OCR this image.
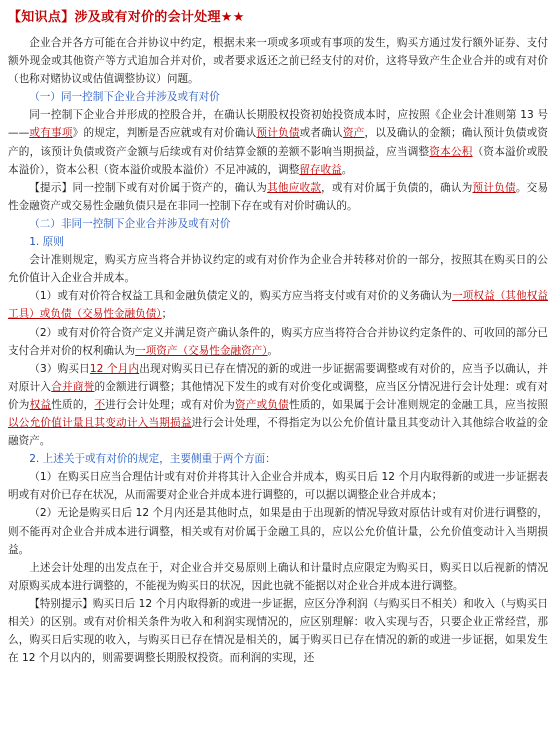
【知识点】涉及或有对价的会计处理★★

企业合并各方可能在合并协议中约定，根据未来一项或多项或有事项的发生，购买方通过发行额外证券、支付额外现金或其他资产等方式追加合并对价，或者要求返还之前已经支付的对价，这将导致产生企业合并的或有对价（也称对赌协议或估值调整协议）问题。

（一）同一控制下企业合并涉及或有对价

同一控制下企业合并形成的控股合并，在确认长期股权投资初始投资成本时，应按照《企业会计准则第 13 号——或有事项》的规定，判断是否应就或有对价确认预计负债或者确认资产，以及确认的金额；确认预计负债或资产的，该预计负债或资产金额与后续或有对价结算金额的差额不影响当期损益，应当调整资本公积（资本溢价或股本溢价），资本公积（资本溢价或股本溢价）不足冲减的，调整留存收益。

【提示】同一控制下或有对价属于资产的，确认为其他应收款，或有对价属于负债的，确认为预计负债。交易性金融资产或交易性金融负债只是在非同一控制下存在或有对价时确认的。

（二）非同一控制下企业合并涉及或有对价
1. 原则

会计准则规定，购买方应当将合并协议约定的或有对价作为企业合并转移对价的一部分，按照其在购买日的公允价值计入企业合并成本。

（1）或有对价符合权益工具和金融负债定义的，购买方应当将支付或有对价的义务确认为一项权益（其他权益工具）或负债（交易性金融负债）；

（2）或有对价符合资产定义并满足资产确认条件的，购买方应当将符合合并协议约定条件的、可收回的部分已支付合并对价的权利确认为一项资产（交易性金融资产）。

（3）购买日12 个月内出现对购买日已存在情况的新的或进一步证据需要调整或有对价的，应当予以确认，并对原计入合并商誉的金额进行调整；其他情况下发生的或有对价变化或调整，应当区分情况进行会计处理：或有对价为权益性质的，不进行会计处理；或有对价为资产或负债性质的，如果属于会计准则规定的金融工具，应当按照以公允价值计量且其变动计入当期损益进行会计处理，不得指定为以公允价值计量且其变动计入其他综合收益的金融资产。

2. 上述关于或有对价的规定，主要侧重于两个方面：

（1）在购买日应当合理估计或有对价并将其计入企业合并成本，购买日后 12 个月内取得新的或进一步证据表明或有对价已存在状况，从而需要对企业合并成本进行调整的，可以据以调整企业合并成本；

（2）无论是购买日后 12 个月内还是其他时点，如果是由于出现新的情况导致对原估计或有对价进行调整的，则不能再对企业合并成本进行调整，相关或有对价属于金融工具的，应以公允价值计量，公允价值变动计入当期损益。

上述会计处理的出发点在于，对企业合并交易原则上确认和计量时点应限定为购买日，购买日以后视新的情况对原购买成本进行调整的，不能视为购买日的状况，因此也就不能据以对企业合并成本进行调整。

【特别提示】购买日后 12 个月内取得新的或进一步证据，应区分净利润（与购买日不相关）和收入（与购买日相关）的区别。或有对价相关条件为收入和利润实现情况的，应区别理解：收入实现与否，只要企业正常经营，那么，购买日后实现的收入，与购买日已存在情况是相关的，属于购买日已存在情况的新的或进一步证据，如果发生在 12 个月以内的，则需要调整长期股权投资。而利润的实现，还
